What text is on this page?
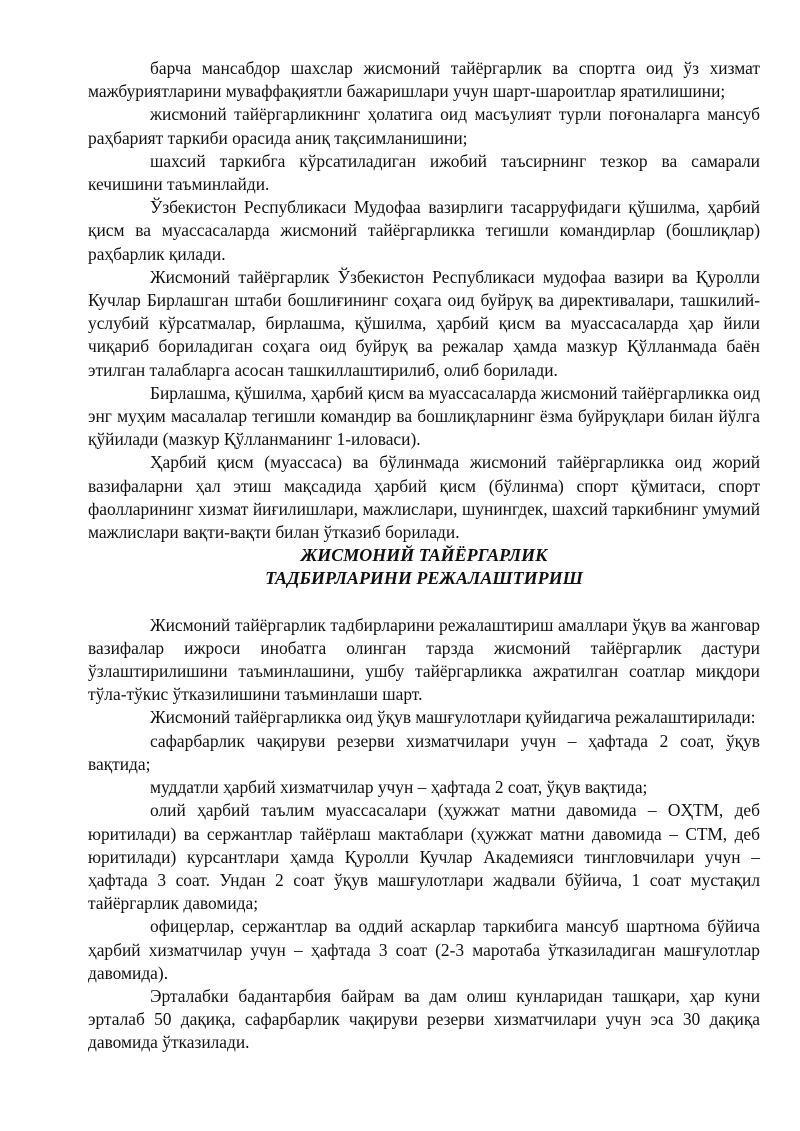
барча мансабдор шахслар жисмоний тайёргарлик ва спортга оид ўз хизмат мажбуриятларини муваффақиятли бажаришлари учун шарт-шароитлар яратилишини;

жисмоний тайёргарликнинг ҳолатига оид масъулият турли поғоналарга мансуб раҳбарият таркиби орасида аниқ тақсимланишини;

шахсий таркибга кўрсатиладиган ижобий таъсирнинг тезкор ва самарали кечишини таъминлайди.

Ўзбекистон Республикаси Мудофаа вазирлиги тасарруфидаги қўшилма, ҳарбий қисм ва муассасаларда жисмоний тайёргарликка тегишли командирлар (бошлиқлар) раҳбарлик қилади.

Жисмоний тайёргарлик Ўзбекистон Республикаси мудофаа вазири ва Қуролли Кучлар Бирлашган штаби бошлиғининг соҳага оид буйруқ ва директивалари, ташкилий-услубий кўрсатмалар, бирлашма, қўшилма, ҳарбий қисм ва муассасаларда ҳар йили чиқариб бориладиган соҳага оид буйруқ ва режалар ҳамда мазкур Қўлланмада баён этилган талабларга асосан ташкиллаштирилиб, олиб борилади.

Бирлашма, қўшилма, ҳарбий қисм ва муассасаларда жисмоний тайёргарликка оид энг муҳим масалалар тегишли командир ва бошлиқларнинг ёзма буйруқлари билан йўлга қўйилади (мазкур Қўлланманинг 1-иловаси).

Ҳарбий қисм (муассаса) ва бўлинмада жисмоний тайёргарликка оид жорий вазифаларни ҳал этиш мақсадида ҳарбий қисм (бўлинма) спорт қўмитаси, спорт фаолларининг хизмат йиғилишлари, мажлислари, шунингдек, шахсий таркибнинг умумий мажлислари вақти-вақти билан ўтказиб борилади.

ЖИСМОНИЙ ТАЙЁРГАРЛИК

ТАДБИРЛАРИНИ РЕЖАЛАШТИРИШ

Жисмоний тайёргарлик тадбирларини режалаштириш амаллари ўқув ва жанговар вазифалар ижроси инобатга олинган тарзда жисмоний тайёргарлик дастури ўзлаштирилишини таъминлашини, ушбу тайёргарликка ажратилган соатлар миқдори тўла-тўкис ўтказилишини таъминлаши шарт.

Жисмоний тайёргарликка оид ўқув машғулотлари қуйидагича режалаштирилади:

сафарбарлик чақируви резерви хизматчилари учун – ҳафтада 2 соат, ўқув вақтида;

муддатли ҳарбий хизматчилар учун – ҳафтада 2 соат, ўқув вақтида;

олий ҳарбий таълим муассасалари (ҳужжат матни давомида – ОҲТМ, деб юритилади) ва сержантлар тайёрлаш мактаблари (ҳужжат матни давомида – СТМ, деб юритилади) курсантлари ҳамда Қуролли Кучлар Академияси тингловчилари учун –ҳафтада 3 соат. Ундан 2 соат ўқув машғулотлари жадвали бўйича, 1 соат мустақил тайёргарлик давомида;

офицерлар, сержантлар ва оддий аскарлар таркибига мансуб шартнома бўйича ҳарбий хизматчилар учун – ҳафтада 3 соат (2-3 маротаба ўтказиладиган машғулотлар давомида).

Эрталабки бадантарбия байрам ва дам олиш кунларидан ташқари, ҳар куни эрталаб 50 дақиқа, сафарбарлик чақируви резерви хизматчилари учун эса 30 дақиқа давомида ўтказилади.
